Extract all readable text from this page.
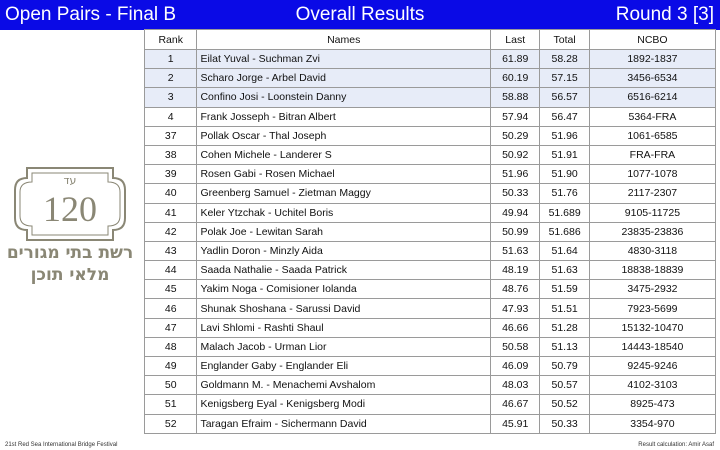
Open Pairs - Final B	Overall Results	Round 3 [3]
עד
120
רשת בתי מגורים
מלאי תוכן
Rank	Names	Last	Total	NCBO
1	Eilat Yuval - Suchman Zvi	61.89	58.28	1892-1837
2	Scharo Jorge - Arbel David	60.19	57.15	3456-6534
3	Confino Josi - Loonstein Danny	58.88	56.57	6516-6214
4	Frank Josseph - Bitran Albert	57.94	56.47	5364-FRA
37	Pollak Oscar - Thal Joseph	50.29	51.96	1061-6585
38	Cohen Michele - Landerer S	50.92	51.91	FRA-FRA
39	Rosen Gabi - Rosen Michael	51.96	51.90	1077-1078
40	Greenberg Samuel - Zietman Maggy	50.33	51.76	2117-2307
41	Keler Ytzchak - Uchitel Boris	49.94	51.689	9105-11725
42	Polak Joe - Lewitan Sarah	50.99	51.686	23835-23836
43	Yadlin Doron - Minzly Aida	51.63	51.64	4830-3118
44	Saada Nathalie - Saada Patrick	48.19	51.63	18838-18839
45	Yakim Noga - Comisioner Iolanda	48.76	51.59	3475-2932
46	Shunak Shoshana - Sarussi David	47.93	51.51	7923-5699
47	Lavi Shlomi - Rashti Shaul	46.66	51.28	15132-10470
48	Malach Jacob - Urman Lior	50.58	51.13	14443-18540
49	Englander Gaby - Englander Eli	46.09	50.79	9245-9246
50	Goldmann M. - Menachemi Avshalom	48.03	50.57	4102-3103
51	Kenigsberg Eyal - Kenigsberg Modi	46.67	50.52	8925-473
52	Taragan Efraim - Sichermann David	45.91	50.33	3354-970
21st Red Sea International Bridge Festival	Result calculation: Amir Asaf
